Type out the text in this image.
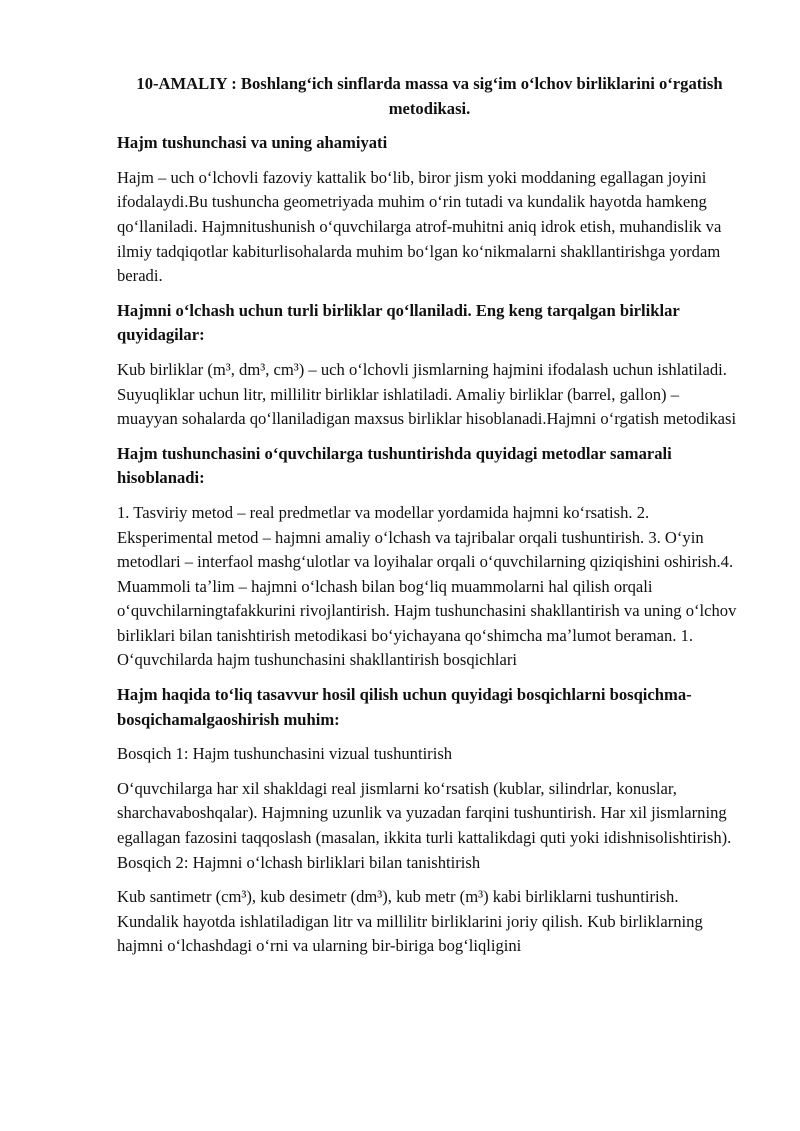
10-AMALIY : Boshlangʻich sinflarda massa va sigʻim oʻlchov birliklarini oʻrgatish metodikasi.
Hajm tushunchasi va uning ahamiyati
Hajm – uch oʻlchovli fazoviy kattalik boʻlib, biror jism yoki moddaning egallagan joyini ifodalaydi.Bu tushuncha geometriyada muhim oʻrin tutadi va kundalik hayotda hamkeng qoʻllaniladi. Hajmnitushunish oʻquvchilarga atrof-muhitni aniq idrok etish, muhandislik va ilmiy tadqiqotlar kabiturlisohalarda muhim boʻlgan koʻnikmalarni shakllantirishga yordam beradi.
Hajmni oʻlchash uchun turli birliklar qoʻllaniladi. Eng keng tarqalgan birliklar quyidagilar:
Kub birliklar (m³, dm³, cm³) – uch oʻlchovli jismlarning hajmini ifodalash uchun ishlatiladi. Suyuqliklar uchun litr, millilitr birliklar ishlatiladi. Amaliy birliklar (barrel, gallon) – muayyan sohalarda qoʻllaniladigan maxsus birliklar hisoblanadi.Hajmni oʻrgatish metodikasi
Hajm tushunchasini oʻquvchilarga tushuntirishda quyidagi metodlar samarali hisoblanadi:
1. Tasviriy metod – real predmetlar va modellar yordamida hajmni koʻrsatish. 2. Eksperimental metod – hajmni amaliy oʻlchash va tajribalar orqali tushuntirish. 3. Oʻyin metodlari – interfaol mashgʻulotlar va loyihalar orqali oʻquvchilarning qiziqishini oshirish.4. Muammoli taʼlim – hajmni oʻlchash bilan bogʻliq muammolarni hal qilish orqali oʻquvchilarningtafakkurini rivojlantirish. Hajm tushunchasini shakllantirish va uning oʻlchov birliklari bilan tanishtirish metodikasi boʻyichayana qoʻshimcha maʼlumot beraman. 1. Oʻquvchilarda hajm tushunchasini shakllantirish bosqichlari
Hajm haqida toʻliq tasavvur hosil qilish uchun quyidagi bosqichlarni bosqichma-bosqichamalgaoshirish muhim:
Bosqich 1: Hajm tushunchasini vizual tushuntirish
Oʻquvchilarga har xil shakldagi real jismlarni koʻrsatish (kublar, silindrlar, konuslar, sharchavaboshqalar). Hajmning uzunlik va yuzadan farqini tushuntirish. Har xil jismlarning egallagan fazosini taqqoslash (masalan, ikkita turli kattalikdagi quti yoki idishnisolishtirish). Bosqich 2: Hajmni oʻlchash birliklari bilan tanishtirish
Kub santimetr (cm³), kub desimetr (dm³), kub metr (m³) kabi birliklarni tushuntirish. Kundalik hayotda ishlatiladigan litr va millilitr birliklarini joriy qilish. Kub birliklarning hajmni oʻlchashdagi oʻrni va ularning bir-biriga bogʻliqligini
